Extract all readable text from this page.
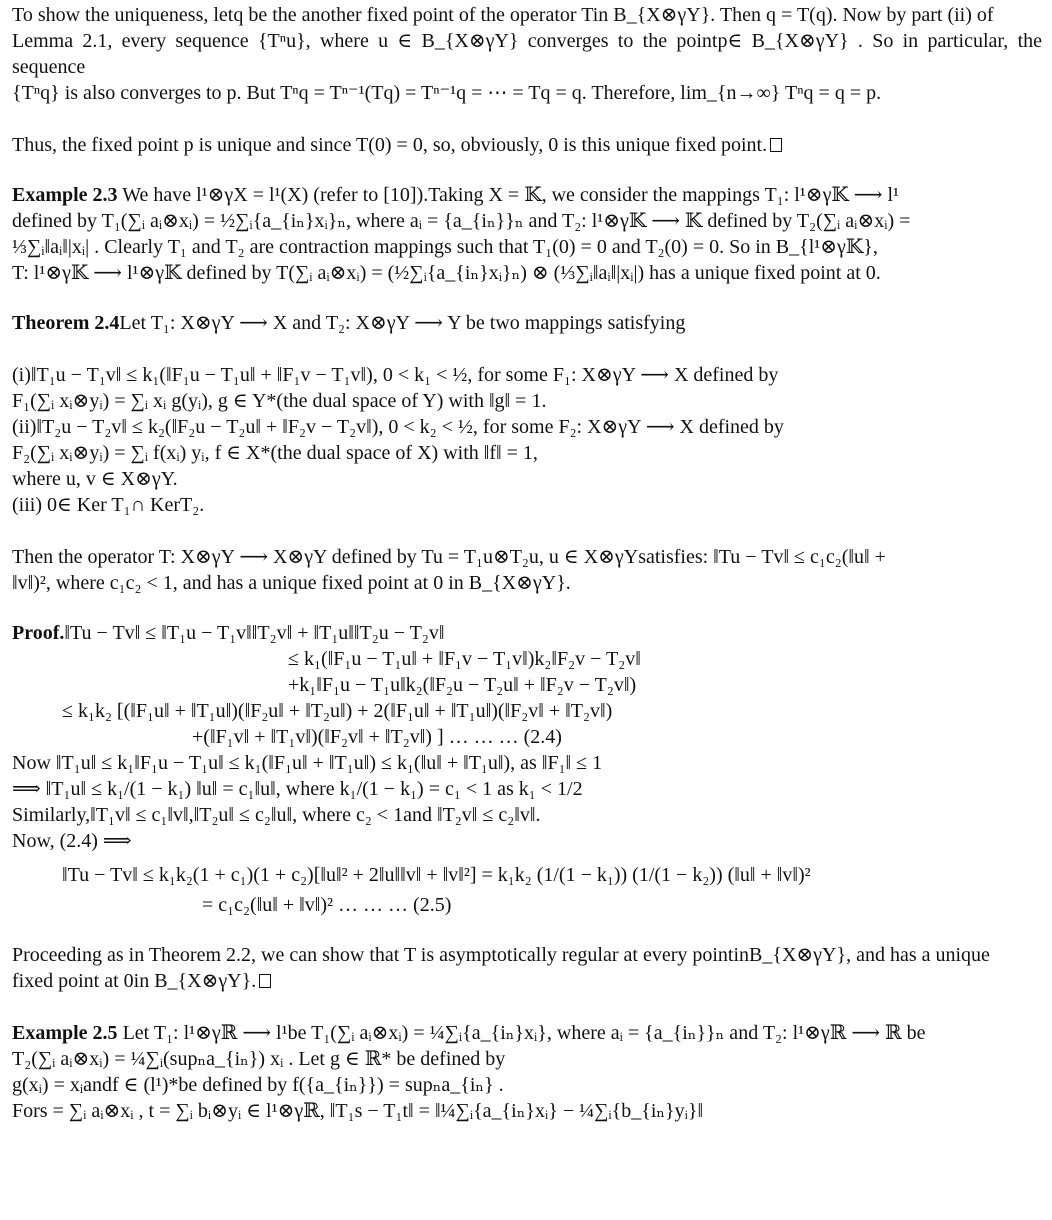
To show the uniqueness, letq be the another fixed point of the operator Tin B_{X⊗γY}. Then q = T(q). Now by part (ii) of

Lemma 2.1, every sequence {Tⁿu}, where u ∈ B_{X⊗γY} converges to the pointp∈ B_{X⊗γY} . So in particular, the sequence

{Tⁿq} is also converges to p. But Tⁿq = Tⁿ⁻¹(Tq) = Tⁿ⁻¹q = ⋯ = Tq = q. Therefore, lim_{n→∞} Tⁿq = q = p.

Thus, the fixed point p is unique and since T(0) = 0, so, obviously, 0 is this unique fixed point.

Example 2.3 We have l¹⊗γX = l¹(X) (refer to [10]).Taking X = 𝕂, we consider the mappings T₁: l¹⊗γ𝕂 ⟶ l¹

defined by T₁(∑ᵢ aᵢ⊗xᵢ) = ½∑ᵢ{a_{iₙ}xᵢ}ₙ, where aᵢ = {a_{iₙ}}ₙ and T₂: l¹⊗γ𝕂 ⟶ 𝕂 defined by T₂(∑ᵢ aᵢ⊗xᵢ) =

⅓∑ᵢ‖aᵢ‖|xᵢ| . Clearly T₁ and T₂ are contraction mappings such that T₁(0) = 0 and T₂(0) = 0. So in B_{l¹⊗γ𝕂},

T: l¹⊗γ𝕂 ⟶ l¹⊗γ𝕂 defined by T(∑ᵢ aᵢ⊗xᵢ) = (½∑ᵢ{a_{iₙ}xᵢ}ₙ) ⊗ (⅓∑ᵢ‖aᵢ‖|xᵢ|) has a unique fixed point at 0.

Theorem 2.4Let T₁: X⊗γY ⟶ X and T₂: X⊗γY ⟶ Y be two mappings satisfying

(i)‖T₁u − T₁v‖ ≤ k₁(‖F₁u − T₁u‖ + ‖F₁v − T₁v‖), 0 < k₁ < ½, for some F₁: X⊗γY ⟶ X defined by

F₁(∑ᵢ xᵢ⊗yᵢ) = ∑ᵢ xᵢ g(yᵢ), g ∈ Y*(the dual space of Y) with ‖g‖ = 1.

(ii)‖T₂u − T₂v‖ ≤ k₂(‖F₂u − T₂u‖ + ‖F₂v − T₂v‖), 0 < k₂ < ½, for some F₂: X⊗γY ⟶ X defined by

F₂(∑ᵢ xᵢ⊗yᵢ) = ∑ᵢ f(xᵢ) yᵢ, f ∈ X*(the dual space of X) with ‖f‖ = 1,

where u, v ∈ X⊗γY.

(iii) 0∈ Ker T₁∩ KerT₂.

Then the operator T: X⊗γY ⟶ X⊗γY defined by Tu = T₁u⊗T₂u, u ∈ X⊗γYsatisfies: ‖Tu − Tv‖ ≤ c₁c₂(‖u‖ +

‖v‖)², where c₁c₂ < 1, and has a unique fixed point at 0 in B_{X⊗γY}.

Proof.‖Tu − Tv‖ ≤ ‖T₁u − T₁v‖‖T₂v‖ + ‖T₁u‖‖T₂u − T₂v‖

≤ k₁(‖F₁u − T₁u‖ + ‖F₁v − T₁v‖)k₂‖F₂v − T₂v‖

+k₁‖F₁u − T₁u‖k₂(‖F₂u − T₂u‖ + ‖F₂v − T₂v‖)

≤ k₁k₂ [(‖F₁u‖ + ‖T₁u‖)(‖F₂u‖ + ‖T₂u‖) + 2(‖F₁u‖ + ‖T₁u‖)(‖F₂v‖ + ‖T₂v‖)

+(‖F₁v‖ + ‖T₁v‖)(‖F₂v‖ + ‖T₂v‖) ] … … … (2.4)

Now ‖T₁u‖ ≤ k₁‖F₁u − T₁u‖ ≤ k₁(‖F₁u‖ + ‖T₁u‖) ≤ k₁(‖u‖ + ‖T₁u‖), as ‖F₁‖ ≤ 1

⟹ ‖T₁u‖ ≤ k₁/(1 − k₁) ‖u‖ = c₁‖u‖, where k₁/(1 − k₁) = c₁ < 1 as k₁ < 1/2

Similarly,‖T₁v‖ ≤ c₁‖v‖,‖T₂u‖ ≤ c₂‖u‖, where c₂ < 1and ‖T₂v‖ ≤ c₂‖v‖.

Now, (2.4) ⟹

‖Tu − Tv‖ ≤ k₁k₂(1 + c₁)(1 + c₂)[‖u‖² + 2‖u‖‖v‖ + ‖v‖²] = k₁k₂ (1/(1 − k₁)) (1/(1 − k₂)) (‖u‖ + ‖v‖)²

= c₁c₂(‖u‖ + ‖v‖)² … … … (2.5)

Proceeding as in Theorem 2.2, we can show that T is asymptotically regular at every pointinB_{X⊗γY}, and has a unique

fixed point at 0in B_{X⊗γY}.

Example 2.5 Let T₁: l¹⊗γℝ ⟶ l¹be T₁(∑ᵢ aᵢ⊗xᵢ) = ¼∑ᵢ{a_{iₙ}xᵢ}, where aᵢ = {a_{iₙ}}ₙ and T₂: l¹⊗γℝ ⟶ ℝ be

T₂(∑ᵢ aᵢ⊗xᵢ) = ¼∑ᵢ(supₙa_{iₙ}) xᵢ . Let g ∈ ℝ* be defined by

g(xᵢ) = xᵢandf ∈ (l¹)*be defined by f({a_{iₙ}}) = supₙa_{iₙ} .

Fors = ∑ᵢ aᵢ⊗xᵢ , t = ∑ᵢ bᵢ⊗yᵢ ∈ l¹⊗γℝ, ‖T₁s − T₁t‖ = ‖¼∑ᵢ{a_{iₙ}xᵢ} − ¼∑ᵢ{b_{iₙ}yᵢ}‖
